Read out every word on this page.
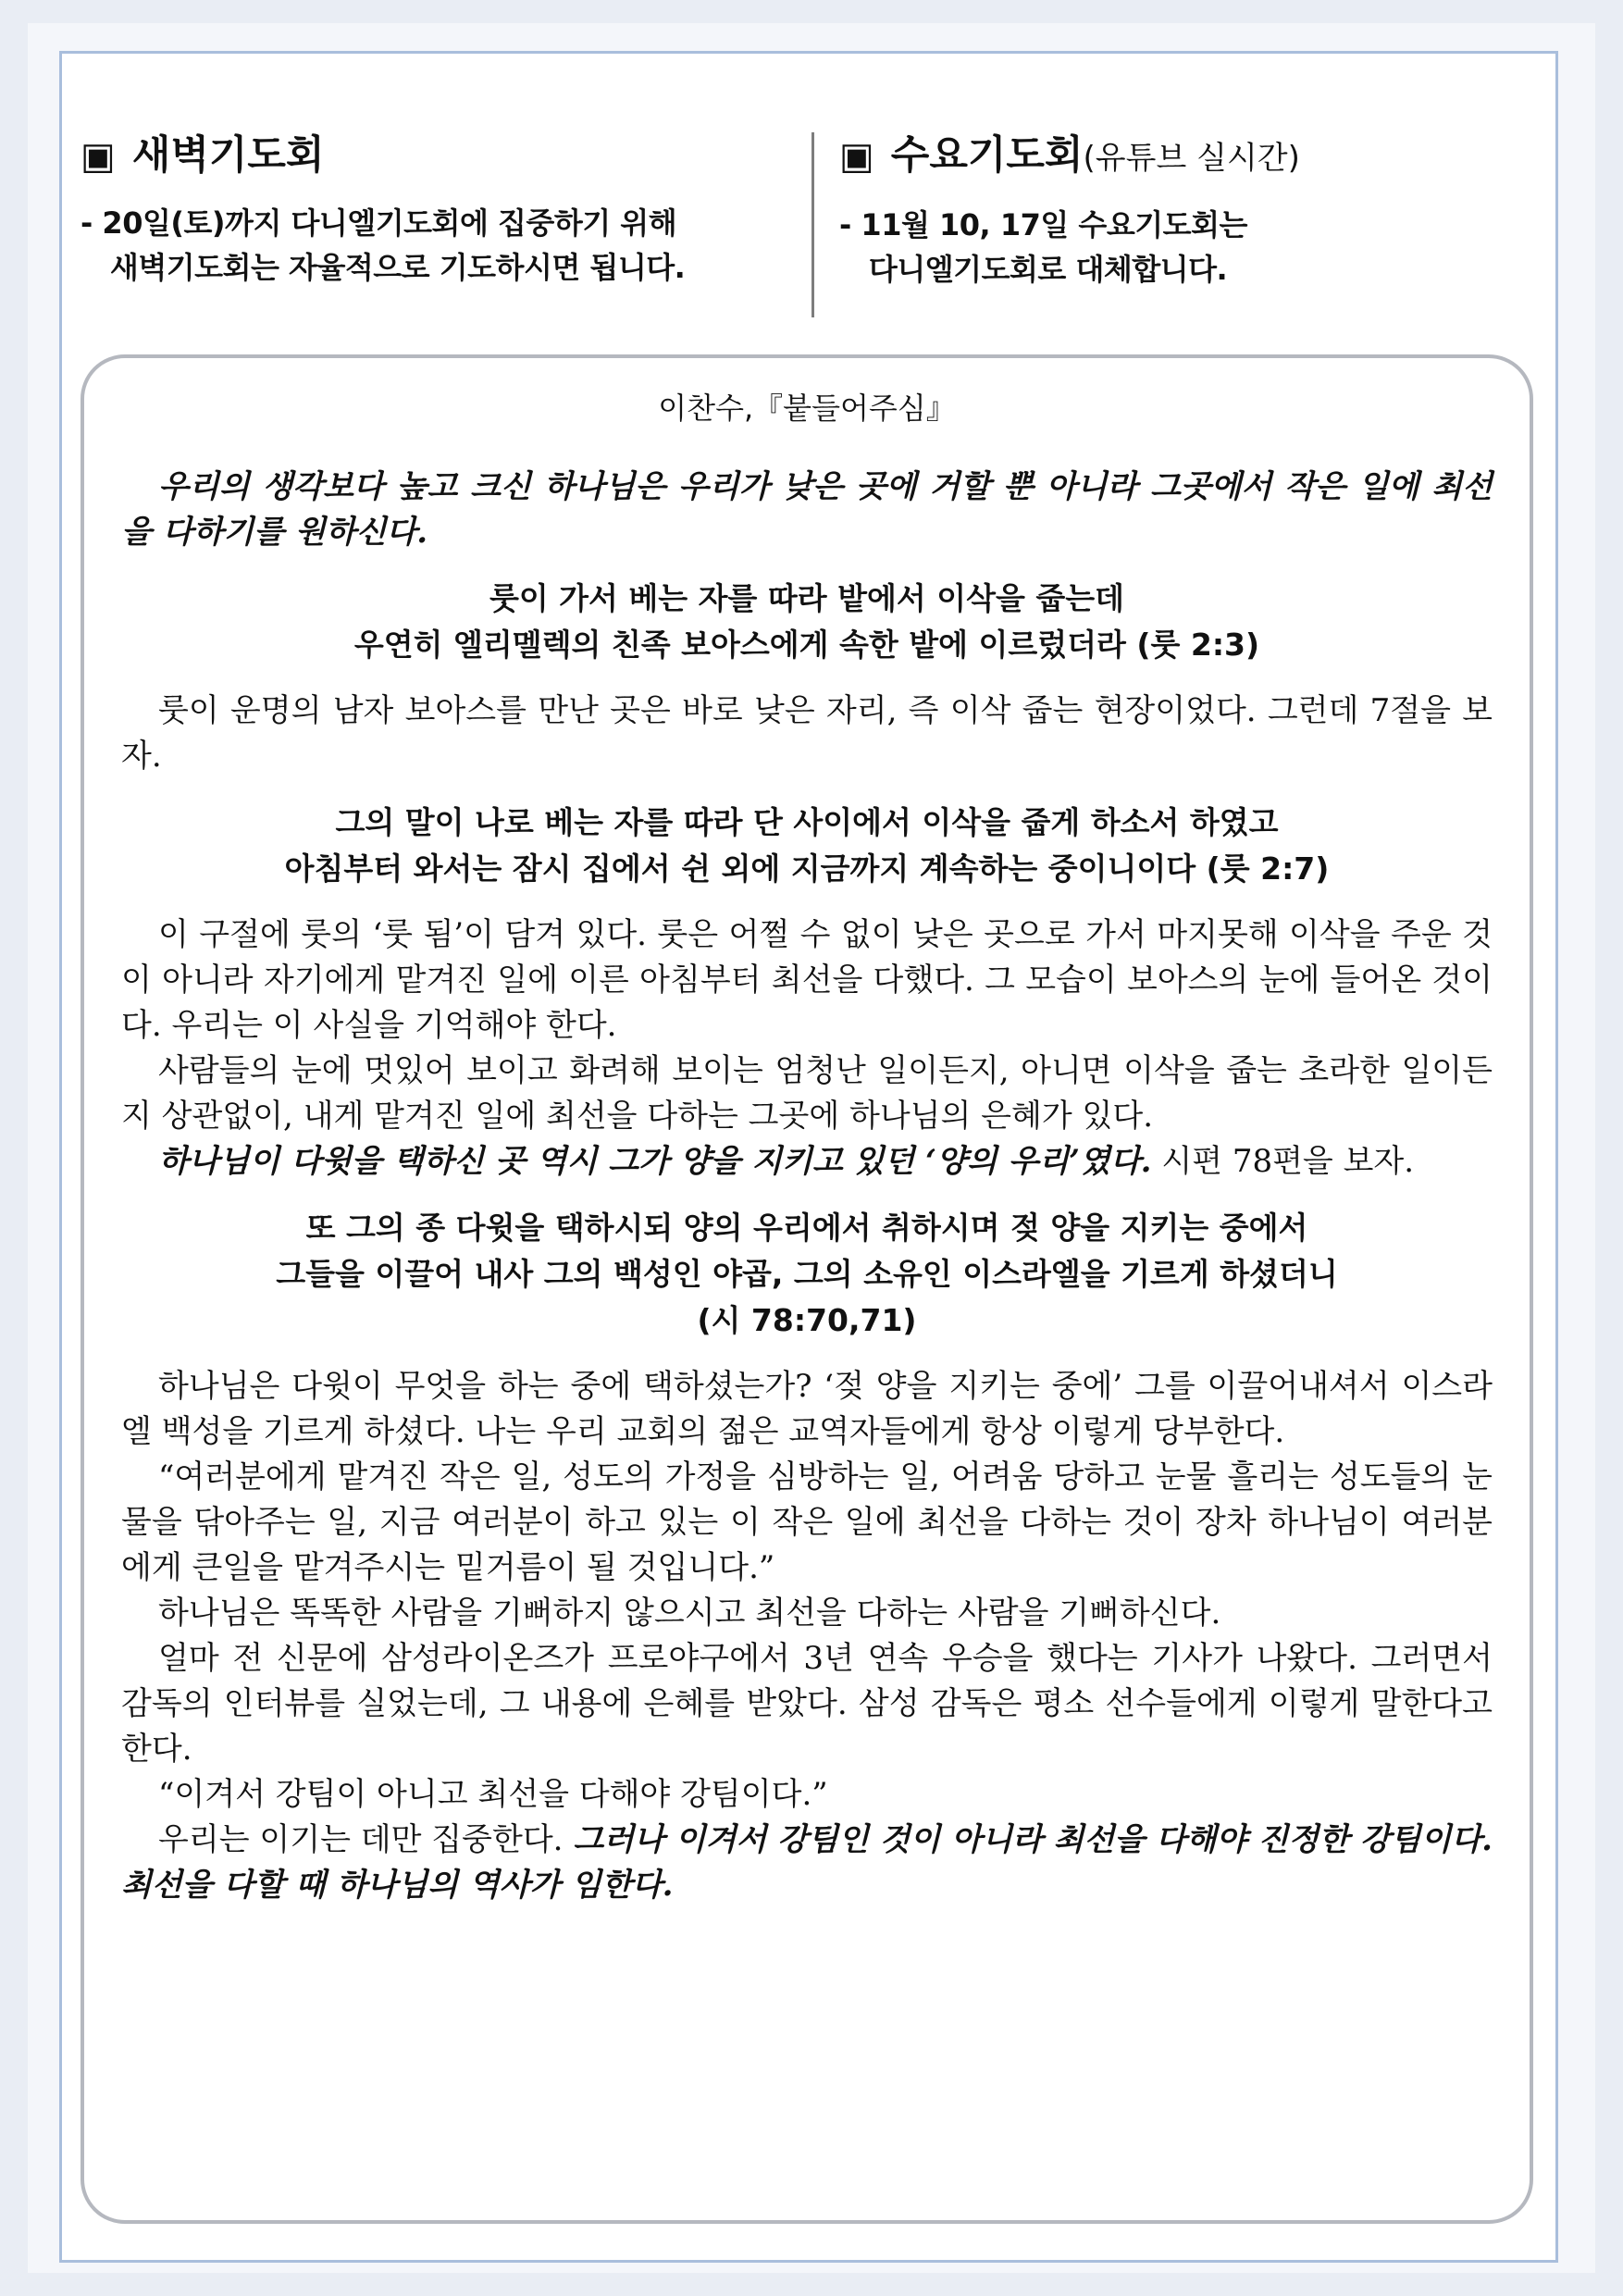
▣ 새벽기도회
- 20일(토)까지 다니엘기도회에 집중하기 위해
새벽기도회는 자율적으로 기도하시면 됩니다.
▣ 수요기도회(유튜브 실시간)
- 11월 10, 17일 수요기도회는
다니엘기도회로 대체합니다.
이찬수,『붙들어주심』

우리의 생각보다 높고 크신 하나님은 우리가 낮은 곳에 거할 뿐 아니라 그곳에서 작은 일에 최선을 다하기를 원하신다.

룻이 가서 베는 자를 따라 밭에서 이삭을 줍는데
우연히 엘리멜렉의 친족 보아스에게 속한 밭에 이르렀더라 (룻 2:3)

룻이 운명의 남자 보아스를 만난 곳은 바로 낮은 자리, 즉 이삭 줍는 현장이었다. 그런데 7절을 보자.

그의 말이 나로 베는 자를 따라 단 사이에서 이삭을 줍게 하소서 하였고
아침부터 와서는 잠시 집에서 쉰 외에 지금까지 계속하는 중이니이다 (룻 2:7)

이 구절에 룻의 ‘룻 됨’이 담겨 있다. 룻은 어쩔 수 없이 낮은 곳으로 가서 마지못해 이삭을 주운 것이 아니라 자기에게 맡겨진 일에 이른 아침부터 최선을 다했다. 그 모습이 보아스의 눈에 들어온 것이다. 우리는 이 사실을 기억해야 한다.

사람들의 눈에 멋있어 보이고 화려해 보이는 엄청난 일이든지, 아니면 이삭을 줍는 초라한 일이든지 상관없이, 내게 맡겨진 일에 최선을 다하는 그곳에 하나님의 은혜가 있다.

하나님이 다윗을 택하신 곳 역시 그가 양을 지키고 있던 ‘양의 우리’였다. 시편 78편을 보자.

또 그의 종 다윗을 택하시되 양의 우리에서 취하시며 젖 양을 지키는 중에서
그들을 이끌어 내사 그의 백성인 야곱, 그의 소유인 이스라엘을 기르게 하셨더니
(시 78:70,71)

하나님은 다윗이 무엇을 하는 중에 택하셨는가? ‘젖 양을 지키는 중에’ 그를 이끌어내셔서 이스라엘 백성을 기르게 하셨다. 나는 우리 교회의 젊은 교역자들에게 항상 이렇게 당부한다.

“여러분에게 맡겨진 작은 일, 성도의 가정을 심방하는 일, 어려움 당하고 눈물 흘리는 성도들의 눈물을 닦아주는 일, 지금 여러분이 하고 있는 이 작은 일에 최선을 다하는 것이 장차 하나님이 여러분에게 큰일을 맡겨주시는 밑거름이 될 것입니다.”

하나님은 똑똑한 사람을 기뻐하지 않으시고 최선을 다하는 사람을 기뻐하신다.

얼마 전 신문에 삼성라이온즈가 프로야구에서 3년 연속 우승을 했다는 기사가 나왔다. 그러면서 감독의 인터뷰를 실었는데, 그 내용에 은혜를 받았다. 삼성 감독은 평소 선수들에게 이렇게 말한다고 한다.

“이겨서 강팀이 아니고 최선을 다해야 강팀이다.”

우리는 이기는 데만 집중한다. 그러나 이겨서 강팀인 것이 아니라 최선을 다해야 진정한 강팀이다. 최선을 다할 때 하나님의 역사가 임한다.
